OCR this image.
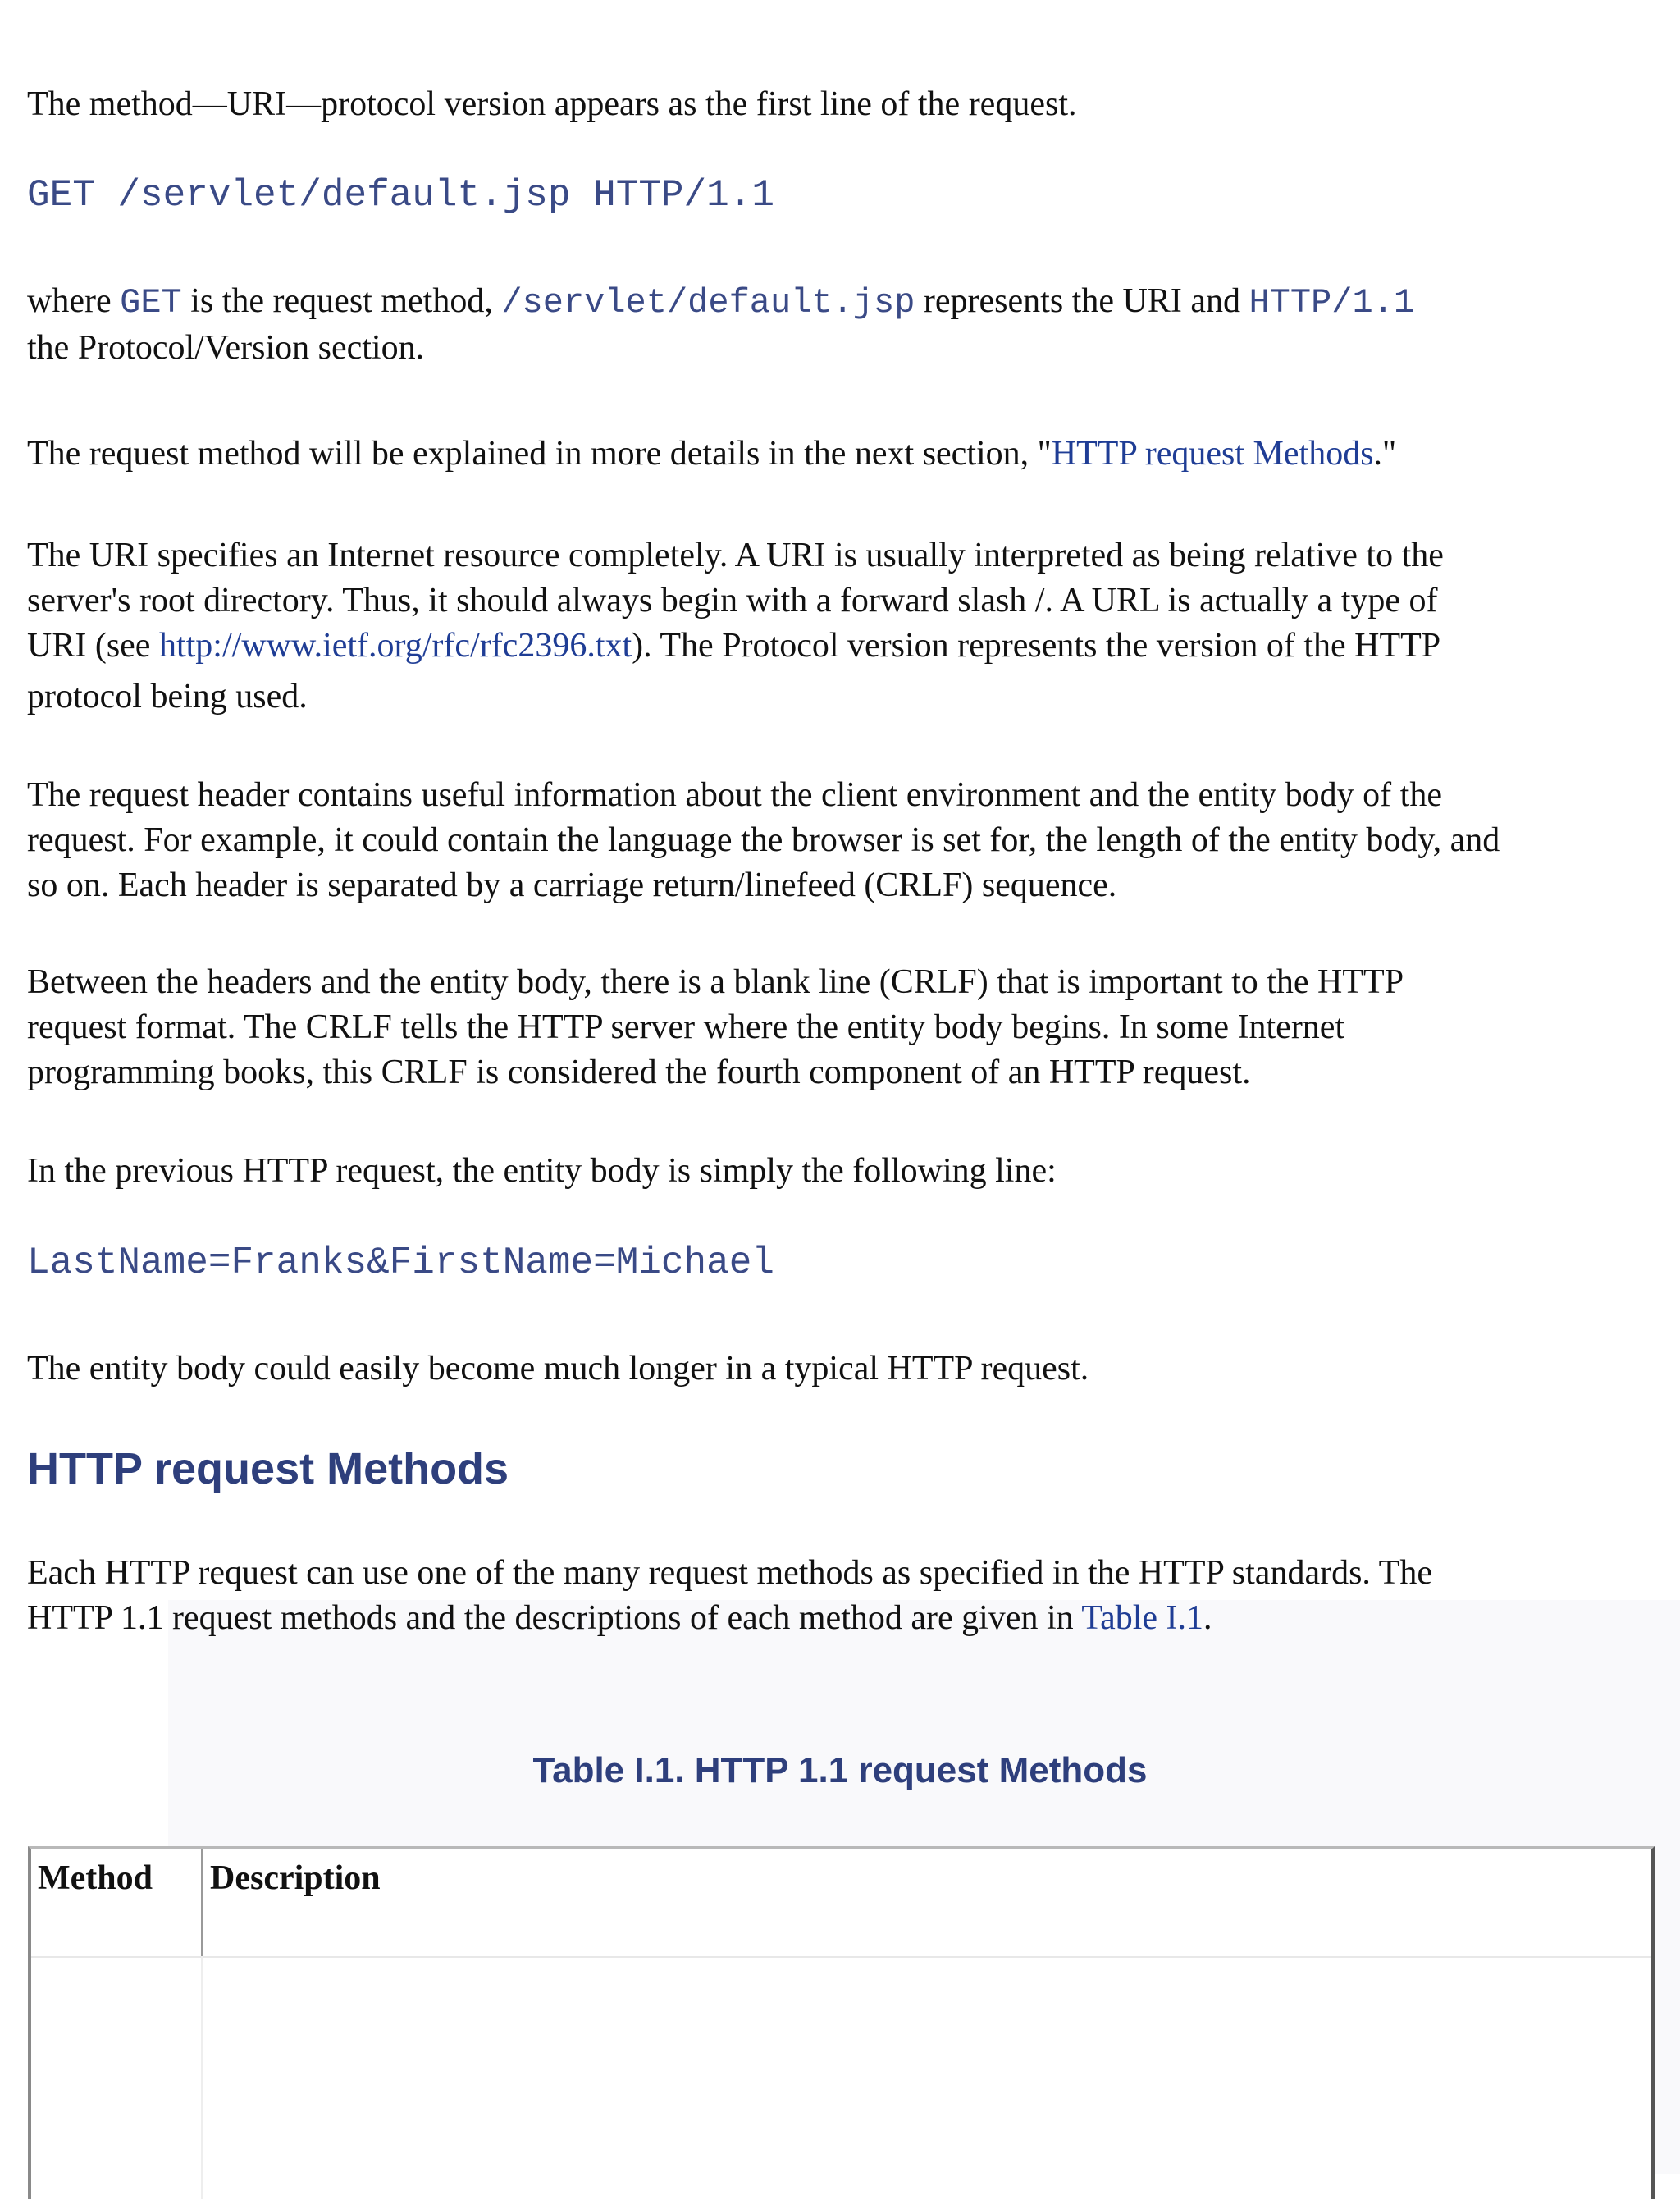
The method—URI—protocol version appears as the first line of the request.

GET /servlet/default.jsp HTTP/1.1

where GET is the request method, /servlet/default.jsp represents the URI and HTTP/1.1
the Protocol/Version section.

The request method will be explained in more details in the next section, "HTTP request Methods."

The URI specifies an Internet resource completely. A URI is usually interpreted as being relative to the
server's root directory. Thus, it should always begin with a forward slash /. A URL is actually a type of
URI (see http://www.ietf.org/rfc/rfc2396.txt). The Protocol version represents the version of the HTTP
protocol being used.
The request header contains useful information about the client environment and the entity body of the
request. For example, it could contain the language the browser is set for, the length of the entity body, and
so on. Each header is separated by a carriage return/linefeed (CRLF) sequence.
Between the headers and the entity body, there is a blank line (CRLF) that is important to the HTTP
request format. The CRLF tells the HTTP server where the entity body begins. In some Internet
programming books, this CRLF is considered the fourth component of an HTTP request.

In the previous HTTP request, the entity body is simply the following line:

LastName=Franks&FirstName=Michael

The entity body could easily become much longer in a typical HTTP request.

HTTP request Methods
Each HTTP request can use one of the many request methods as specified in the HTTP standards. The
HTTP 1.1 request methods and the descriptions of each method are given in Table I.1.
Table I.1. HTTP 1.1 request Methods
Method	Description
